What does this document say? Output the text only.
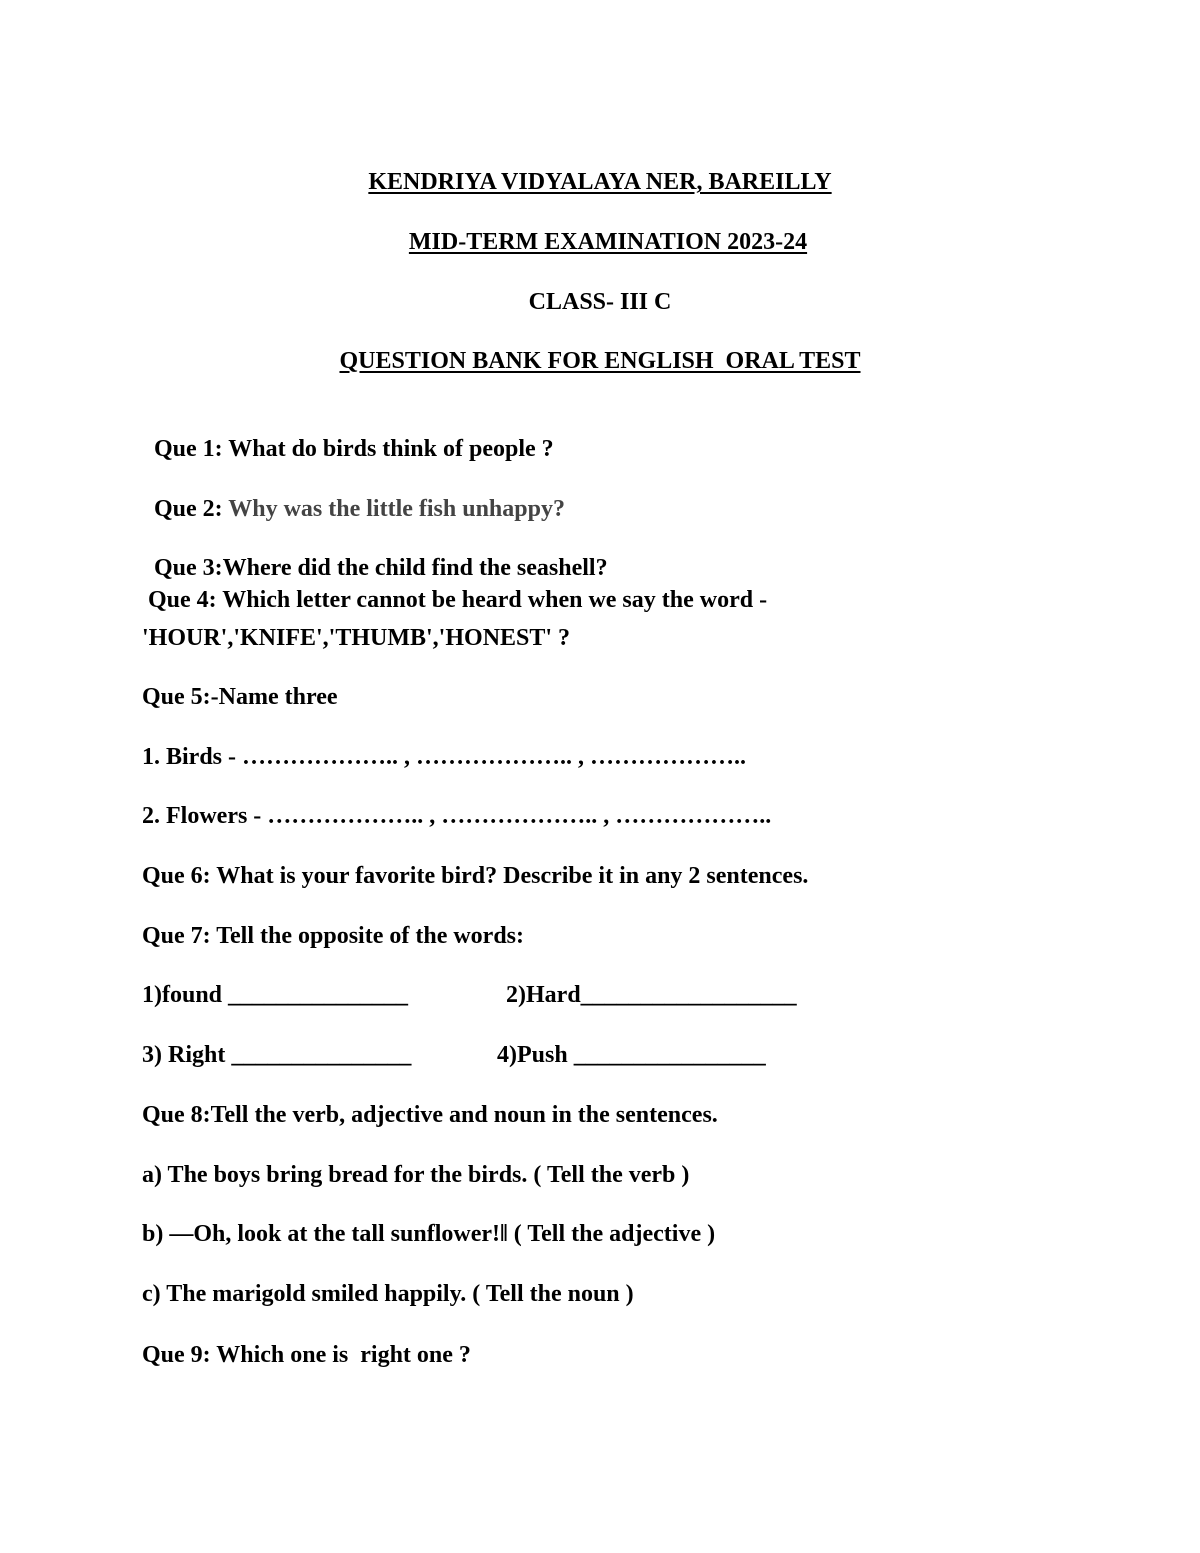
KENDRIYA VIDYALAYA NER, BAREILLY
MID-TERM EXAMINATION 2023-24
CLASS- III C
QUESTION BANK FOR ENGLISH  ORAL TEST

Que 1: What do birds think of people ?

Que 2: Why was the little fish unhappy?

Que 3:Where did the child find the seashell?

Que 4: Which letter cannot be heard when we say the word -
'HOUR','KNIFE','THUMB','HONEST' ?
Que 5:-Name three
1. Birds - ……………….. , ……………….. , ………………..
2. Flowers - ……………….. , ……………….. , ………………..
Que 6: What is your favorite bird? Describe it in any 2 sentences.
Que 7: Tell the opposite of the words:
1)found _______________	2)Hard__________________
3) Right _______________	4)Push ________________
Que 8:Tell the verb, adjective and noun in the sentences.
a) The boys bring bread for the birds. ( Tell the verb )
b) ―Oh, look at the tall sunflower!‖ ( Tell the adjective )
c) The marigold smiled happily. ( Tell the noun )
Que 9: Which one is  right one ?
